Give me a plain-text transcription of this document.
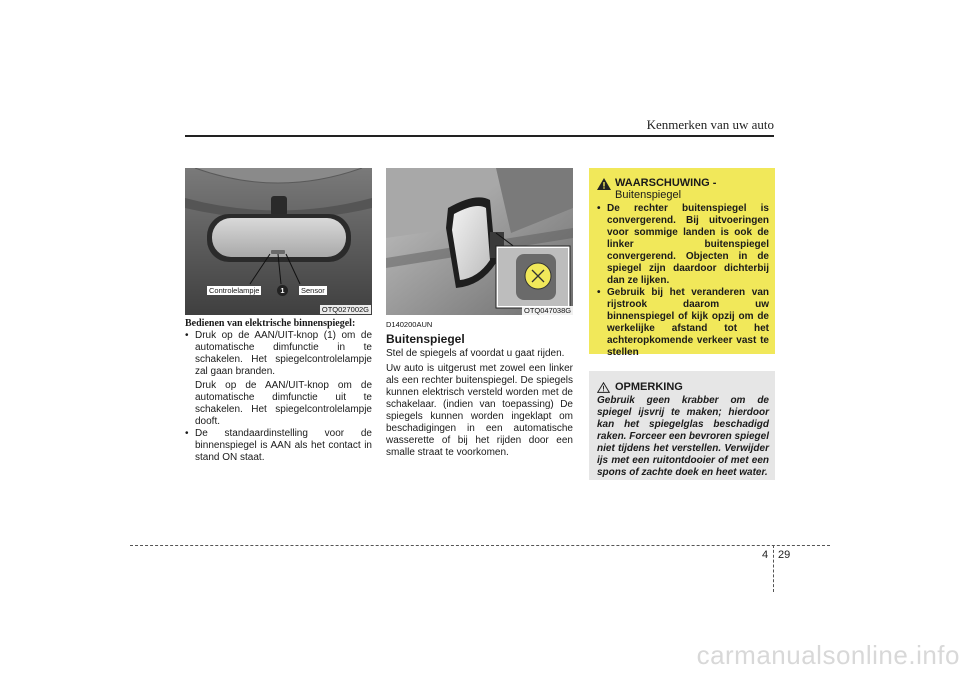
Kenmerken van uw auto
Controlelampje	1	Sensor
OTQ027002G
Bedienen van elektrische binnenspiegel:
• Druk op de AAN/UIT-knop (1) om de automatische dimfunctie in te schakelen. Het spiegelcontrolelampje zal gaan branden.
Druk op de AAN/UIT-knop om de automatische dimfunctie uit te schakelen. Het spiegelcontrolelampje dooft.
• De standaardinstelling voor de binnenspiegel is AAN als het contact in stand ON staat.
OTQ047038G
D140200AUN
Buitenspiegel
Stel de spiegels af voordat u gaat rijden.
Uw auto is uitgerust met zowel een linker als een rechter buitenspiegel. De spiegels kunnen elektrisch versteld worden met de schakelaar. (indien van toepassing) De spiegels kunnen worden ingeklapt om beschadigingen in een automatische wasserette of bij het rijden door een smalle straat te voorkomen.
WAARSCHUWING -
Buitenspiegel
• De rechter buitenspiegel is convergerend. Bij uitvoeringen voor sommige landen is ook de linker buitenspiegel convergerend. Objecten in de spiegel zijn daardoor dichterbij dan ze lijken.
• Gebruik bij het veranderen van rijstrook daarom uw binnenspiegel of kijk opzij om de werkelijke afstand tot het achteropkomende verkeer vast te stellen
OPMERKING
Gebruik geen krabber om de spiegel ijsvrij te maken; hierdoor kan het spiegelglas beschadigd raken. Forceer een bevroren spiegel niet tijdens het verstellen. Verwijder ijs met een ruitontdooier of met een spons of zachte doek en heet water.
4 29
carmanualsonline.info
